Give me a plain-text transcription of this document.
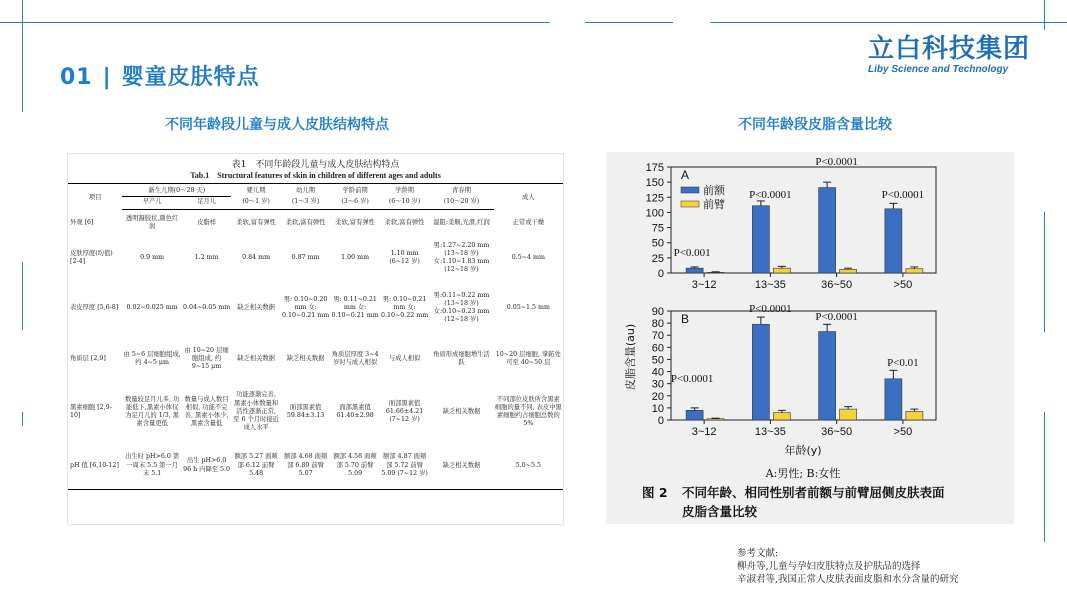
01 | 婴童皮肤特点
立白科技集团
Liby Science and Technology
不同年龄段儿童与成人皮肤结构特点	不同年龄段皮脂含量比较
表1　不同年龄段儿童与成人皮肤结构特点
Tab.1　Structural features of skin in children of different ages and adults
项目	新生儿期(0～28 天)		婴儿期	幼儿期	学龄前期	学龄期	青春期	成人
	早产儿	足月儿	(0～1 岁)	(1～3 岁)	(3～6 岁)	(6～10 岁)	(10～20 岁)	
外观 [6]	透明凝胶状,颜色红润	皮脂样	柔软,富有弹性	柔软,富有弹性	柔软,富有弹性	柔软,富有弹性	湿阻:柔顺,光滑,红润	正常或干燥
皮肤厚度(均值) [2-4]	0.9 mm	1.2 mm	0.84 mm	0.87 mm	1.00 mm	1.10 mm (6~12 岁)	男:1.27~2.20 mm (13~18 岁) 女:1.10~1.83 mm (12~18 岁)	0.5~4 mm
表皮厚度 [5,6-8]	0.02~0.025 mm	0.04~0.05 mm	缺乏相关数据	男: 0.10~0.20 mm 女: 0.10~0.21 mm	男: 0.11~0.21 mm 女: 0.10~0.21 mm	男: 0.10~0.21 mm 女: 0.10~0.22 mm	男:0.11~0.22 mm (13~18 岁) 女:0.10~0.23 mm (12~18 岁)	0.05~1.5 mm
角质层 [2,9]	由 5~6 层细胞组成, 约 4~5 μm	由 10~20 层细胞组成, 约 9~15 μm	缺乏相关数据	缺乏相关数据	角质层厚度 3~4 岁时与成人相似	与成人相似	角质形成细胞增生活跃	10~20 层细胞, 掌跖处可至 40~50 层
黑素细胞 [2,9-10]	数量较足月儿多, 功能低下,黑素小体仅为足月儿的 1/3, 黑素含量更低	数量与成人数目相似, 功能不完善, 黑素小体少, 黑素含量低	功能逐渐完善, 黑素小体数量和活性逐渐正常, 至 6 个月时接近成人水平	面部黑素值 59.84±3.13	面部黑素值 61.40±2.98	面部黑素值 61.66±4.21 (7~12 岁)	缺乏相关数据	不同部位皮肤所含黑素细胞的量不同, 表皮中黑素细胞约占细胞总数的 5%
pH 值 [6,10-12]	出生时 pH>6.0 第一周末 5.5 第一月末 5.1	出生 pH>6.0 96 h 内降至 5.0	额部 5.27 面颊部 6.12 前臂 5.48	额部 4.68 面颊部 6.80 前臂 5.07	额部 4.58 面颊部 5.70 前臂 5.09	额部 4.87 面颊部 5.72 前臂 5.09 (7~12 岁)	缺乏相关数据	5.0~5.5
A
0
25
50
75
100
125
150
175
3~12
P<0.001
13~35
P<0.0001
36~50
P<0.0001
>50
P<0.0001
前额
前臂
B
0
10
20
30
40
50
60
70
80
90
3~12
P<0.0001
13~35
P<0.0001
36~50
P<0.0001
>50
P<0.01
皮脂含量(au)
年龄(y)
A:男性; B:女性
图 2 不同年龄、相同性别者前额与前臂屈侧皮肤表面
皮脂含量比较
参考文献:
柳舟等,儿童与孕妇皮肤特点及护肤品的选择
辛淑君等,我国正常人皮肤表面皮脂和水分含量的研究
